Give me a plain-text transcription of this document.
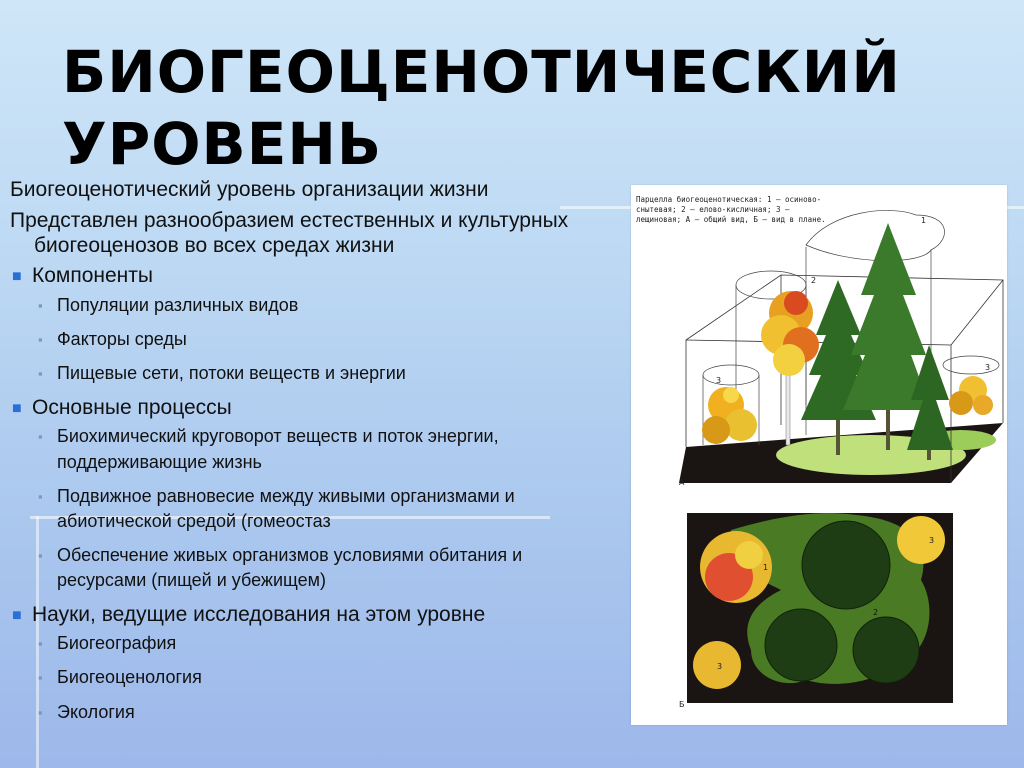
БИОГЕОЦЕНОТИЧЕСКИЙ
УРОВЕНЬ

Биогеоценотический уровень организации жизни

Представлен разнообразием естественных и культурных биогеоценозов во всех средах жизни

■ Компоненты
▪ Популяции различных видов
▪ Факторы среды
▪ Пищевые сети, потоки веществ и энергии
■ Основные процессы
▪ Биохимический круговорот веществ и поток энергии, поддерживающие жизнь
▪ Подвижное равновесие между живыми организмами и абиотической средой (гомеостаз
▪ Обеспечение живых организмов условиями обитания и ресурсами (пищей и убежищем)
■ Науки, ведущие исследования на этом уровне
▪ Биогеография
▪ Биогеоценология
▪ Экология
Парцелла биогеоценотическая: 1 — осиново-снытевая; 2 — елово-кисличная; 3 — лещиновая; А — общий вид, Б — вид в плане.	1
2
3
3
А
1
2
3
3
Б
